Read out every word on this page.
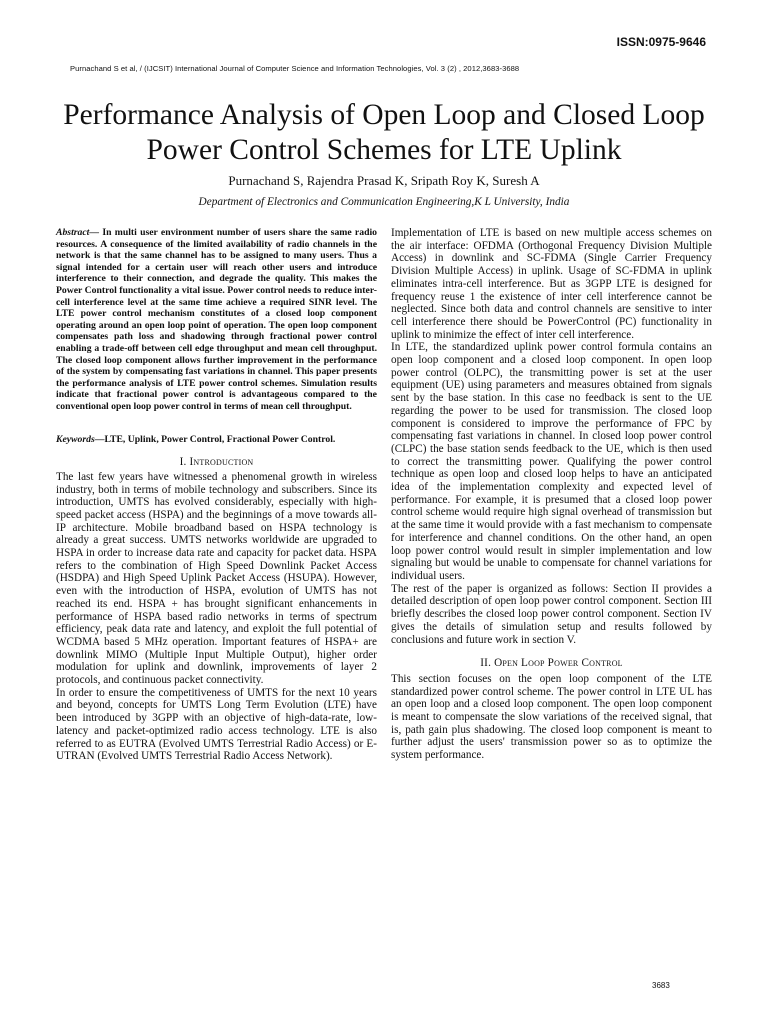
ISSN:0975-9646
Purnachand S et al, / (IJCSIT) International Journal of Computer Science and Information Technologies, Vol. 3 (2) , 2012,3683-3688
Performance Analysis of Open Loop and Closed Loop Power Control Schemes for LTE Uplink
Purnachand S, Rajendra Prasad K, Sripath Roy K, Suresh A
Department of Electronics and Communication Engineering,K L University, India

Abstract— In multi user environment number of users share the same radio resources. A consequence of the limited availability of radio channels in the network is that the same channel has to be assigned to many users. Thus a signal intended for a certain user will reach other users and introduce interference to their connection, and degrade the quality. This makes the Power Control functionality a vital issue. Power control needs to reduce inter-cell interference level at the same time achieve a required SINR level. The LTE power control mechanism constitutes of a closed loop component operating around an open loop point of operation. The open loop component compensates path loss and shadowing through fractional power control enabling a trade-off between cell edge throughput and mean cell throughput. The closed loop component allows further improvement in the performance of the system by compensating fast variations in channel. This paper presents the performance analysis of LTE power control schemes. Simulation results indicate that fractional power control is advantageous compared to the conventional open loop power control in terms of mean cell throughput.

Keywords—LTE, Uplink, Power Control, Fractional Power Control.

I. Introduction

The last few years have witnessed a phenomenal growth in wireless industry, both in terms of mobile technology and subscribers. Since its introduction, UMTS has evolved considerably, especially with high-speed packet access (HSPA) and the beginnings of a move towards all-IP architecture. Mobile broadband based on HSPA technology is already a great success. UMTS networks worldwide are upgraded to HSPA in order to increase data rate and capacity for packet data. HSPA refers to the combination of High Speed Downlink Packet Access (HSDPA) and High Speed Uplink Packet Access (HSUPA). However, even with the introduction of HSPA, evolution of UMTS has not reached its end. HSPA + has brought significant enhancements in performance of HSPA based radio networks in terms of spectrum efficiency, peak data rate and latency, and exploit the full potential of WCDMA based 5 MHz operation. Important features of HSPA+ are downlink MIMO (Multiple Input Multiple Output), higher order modulation for uplink and downlink, improvements of layer 2 protocols, and continuous packet connectivity.

In order to ensure the competitiveness of UMTS for the next 10 years and beyond, concepts for UMTS Long Term Evolution (LTE) have been introduced by 3GPP with an objective of high-data-rate, low-latency and packet-optimized radio access technology. LTE is also referred to as EUTRA (Evolved UMTS Terrestrial Radio Access) or E-UTRAN (Evolved UMTS Terrestrial Radio Access Network).

Implementation of LTE is based on new multiple access schemes on the air interface: OFDMA (Orthogonal Frequency Division Multiple Access) in downlink and SC-FDMA (Single Carrier Frequency Division Multiple Access) in uplink. Usage of SC-FDMA in uplink eliminates intra-cell interference. But as 3GPP LTE is designed for frequency reuse 1 the existence of inter cell interference cannot be neglected. Since both data and control channels are sensitive to inter cell interference there should be PowerControl (PC) functionality in uplink to minimize the effect of inter cell interference.

In LTE, the standardized uplink power control formula contains an open loop component and a closed loop component. In open loop power control (OLPC), the transmitting power is set at the user equipment (UE) using parameters and measures obtained from signals sent by the base station. In this case no feedback is sent to the UE regarding the power to be used for transmission. The closed loop component is considered to improve the performance of FPC by compensating fast variations in channel. In closed loop power control (CLPC) the base station sends feedback to the UE, which is then used to correct the transmitting power. Qualifying the power control technique as open loop and closed loop helps to have an anticipated idea of the implementation complexity and expected level of performance. For example, it is presumed that a closed loop power control scheme would require high signal overhead of transmission but at the same time it would provide with a fast mechanism to compensate for interference and channel conditions. On the other hand, an open loop power control would result in simpler implementation and low signaling but would be unable to compensate for channel variations for individual users.

The rest of the paper is organized as follows: Section II provides a detailed description of open loop power control component. Section III briefly describes the closed loop power control component. Section IV gives the details of simulation setup and results followed by conclusions and future work in section V.

II. Open Loop Power Control

This section focuses on the open loop component of the LTE standardized power control scheme. The power control in LTE UL has an open loop and a closed loop component. The open loop component is meant to compensate the slow variations of the received signal, that is, path gain plus shadowing. The closed loop component is meant to further adjust the users' transmission power so as to optimize the system performance.

3683
